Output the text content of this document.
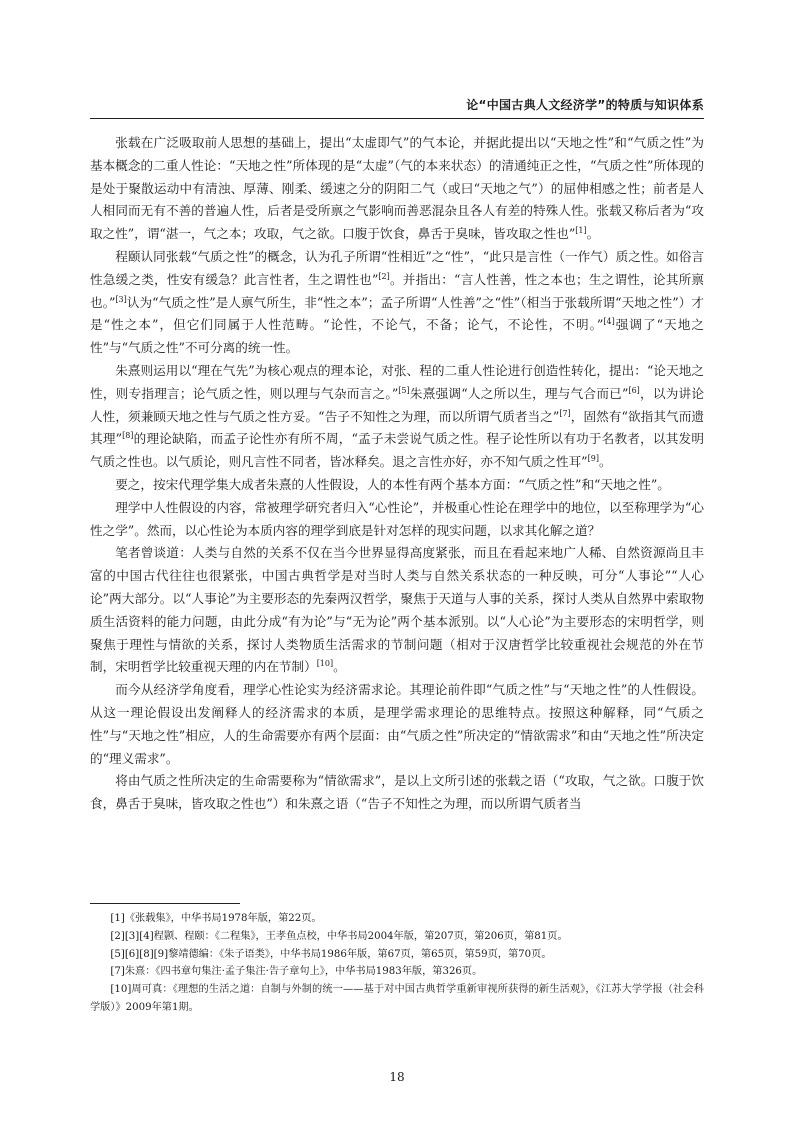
论“中国古典人文经济学”的特质与知识体系

张载在广泛吸取前人思想的基础上，提出“太虚即气”的气本论，并据此提出以“天地之性”和“气质之性”为基本概念的二重人性论：“天地之性”所体现的是“太虚”（气的本来状态）的清通纯正之性，“气质之性”所体现的是处于聚散运动中有清浊、厚薄、刚柔、缓速之分的阴阳二气（或曰“天地之气”）的屈伸相感之性；前者是人人相同而无有不善的普遍人性，后者是受所禀之气影响而善恶混杂且各人有差的特殊人性。张载又称后者为“攻取之性”，谓“湛一，气之本；攻取，气之欲。口腹于饮食，鼻舌于臭味，皆攻取之性也”[1]。

程颐认同张载“气质之性”的概念，认为孔子所谓“性相近”之“性”，“此只是言性（一作气）质之性。如俗言性急缓之类，性安有缓急？此言性者，生之谓性也”[2]。并指出：“言人性善，性之本也；生之谓性，论其所禀也。”[3]认为“气质之性”是人禀气所生，非“性之本”；孟子所谓“人性善”之“性”（相当于张载所谓“天地之性”）才是“性之本”，但它们同属于人性范畴。“论性，不论气，不备；论气，不论性，不明。”[4]强调了“天地之性”与“气质之性”不可分离的统一性。

朱熹则运用以“理在气先”为核心观点的理本论，对张、程的二重人性论进行创造性转化，提出：“论天地之性，则专指理言；论气质之性，则以理与气杂而言之。”[5]朱熹强调“人之所以生，理与气合而已”[6]，以为讲论人性，须兼顾天地之性与气质之性方妥。“告子不知性之为理，而以所谓气质者当之”[7]，固然有“欲指其气而遗其理”[8]的理论缺陷，而孟子论性亦有所不周，“孟子未尝说气质之性。程子论性所以有功于名教者，以其发明气质之性也。以气质论，则凡言性不同者，皆冰释矣。退之言性亦好，亦不知气质之性耳”[9]。

要之，按宋代理学集大成者朱熹的人性假设，人的本性有两个基本方面：“气质之性”和“天地之性”。

理学中人性假设的内容，常被理学研究者归入“心性论”，并极重心性论在理学中的地位，以至称理学为“心性之学”。然而，以心性论为本质内容的理学到底是针对怎样的现实问题，以求其化解之道？

笔者曾谈道：人类与自然的关系不仅在当今世界显得高度紧张，而且在看起来地广人稀、自然资源尚且丰富的中国古代往往也很紧张，中国古典哲学是对当时人类与自然关系状态的一种反映，可分“人事论”“人心论”两大部分。以“人事论”为主要形态的先秦两汉哲学，聚焦于天道与人事的关系，探讨人类从自然界中索取物质生活资料的能力问题，由此分成“有为论”与“无为论”两个基本派别。以“人心论”为主要形态的宋明哲学，则聚焦于理性与情欲的关系，探讨人类物质生活需求的节制问题（相对于汉唐哲学比较重视社会规范的外在节制，宋明哲学比较重视天理的内在节制）[10]。

而今从经济学角度看，理学心性论实为经济需求论。其理论前件即“气质之性”与“天地之性”的人性假设。从这一理论假设出发阐释人的经济需求的本质，是理学需求理论的思维特点。按照这种解释，同“气质之性”与“天地之性”相应，人的生命需要亦有两个层面：由“气质之性”所决定的“情欲需求”和由“天地之性”所决定的“理义需求”。

将由气质之性所决定的生命需要称为“情欲需求”，是以上文所引述的张载之语（“攻取，气之欲。口腹于饮食，鼻舌于臭味，皆攻取之性也”）和朱熹之语（“告子不知性之为理，而以所谓气质者当

[1]《张载集》，中华书局1978年版，第22页。

[2][3][4]程颢、程颐：《二程集》，王孝鱼点校，中华书局2004年版，第207页，第206页，第81页。

[5][6][8][9]黎靖德编：《朱子语类》，中华书局1986年版，第67页，第65页，第59页，第70页。

[7]朱熹：《四书章句集注·孟子集注·告子章句上》，中华书局1983年版，第326页。

[10]周可真：《理想的生活之道：自制与外制的统一——基于对中国古典哲学重新审视所获得的新生活观》，《江苏大学学报（社会科学版）》2009年第1期。

18
